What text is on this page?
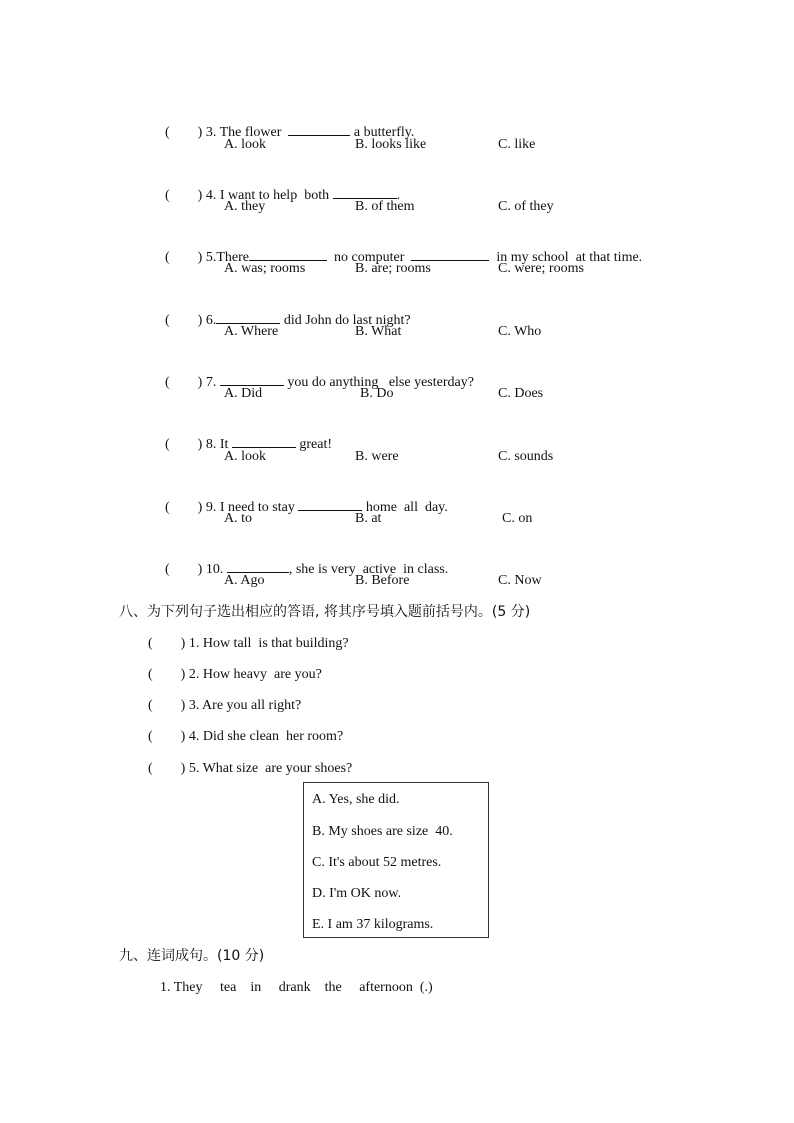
(        ) 3. The flower	a butterfly.

A. look	B. looks like	C. like

(        ) 4. I want to help  both	.

A. they	B. of them	C. of they

(        ) 5.There	no computer	in my school  at that time.

A. was; rooms	B. are; rooms	C. were; rooms

(        ) 6.	did John do last night?

A. Where	B. What	C. Who

(        ) 7.	you do anything   else yesterday?

A. Did	B. Do	C. Does

(        ) 8. It	great!

A. look	B. were	C. sounds

(        ) 9. I need to stay	home  all  day.

A. to	B. at	C. on

(        ) 10.	, she is very  active  in class.

A. Ago	B. Before	C. Now
八、为下列句子选出相应的答语, 将其序号填入题前括号内。(5 分)
(        ) 1. How tall  is that building?
(        ) 2. How heavy  are you?
(        ) 3. Are you all right?
(        ) 4. Did she clean  her room?
(        ) 5. What size  are your shoes?
A. Yes, she did.
B. My shoes are size  40.
C. It's about 52 metres.
D. I'm OK now.
E. I am 37 kilograms.
九、连词成句。(10 分)
1. They     tea    in     drank    the     afternoon  (.)
